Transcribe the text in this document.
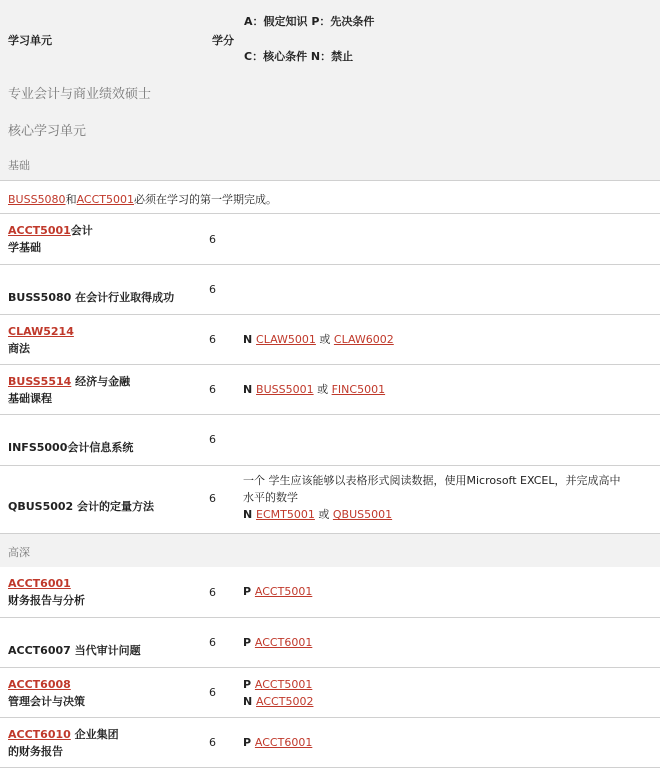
学习单元	学分
A：假定知识 P：先决条件
C：核心条件 N：禁止
专业会计与商业绩效硕士
核心学习单元
基础
BUSS5080和ACCT5001必须在学习的第一学期完成。
ACCT5001会计
学基础
6
BUSS5080 在会计行业取得成功
6
CLAW5214
商法
6 N CLAW5001 或 CLAW6002
BUSS5514 经济与金融
基础课程
6 N BUSS5001 或 FINC5001
INFS5000会计信息系统
6
QBUS5002 会计的定量方法
6
一个 学生应该能够以表格形式阅读数据，使用Microsoft EXCEL，并完成高中
水平的数学
N ECMT5001 或 QBUS5001
高深
ACCT6001
财务报告与分析
6 P ACCT5001
ACCT6007 当代审计问题
6 P ACCT6001
ACCT6008
管理会计与决策
6
P ACCT5001
N ACCT5002
ACCT6010 企业集团
的财务报告
6 P ACCT6001
